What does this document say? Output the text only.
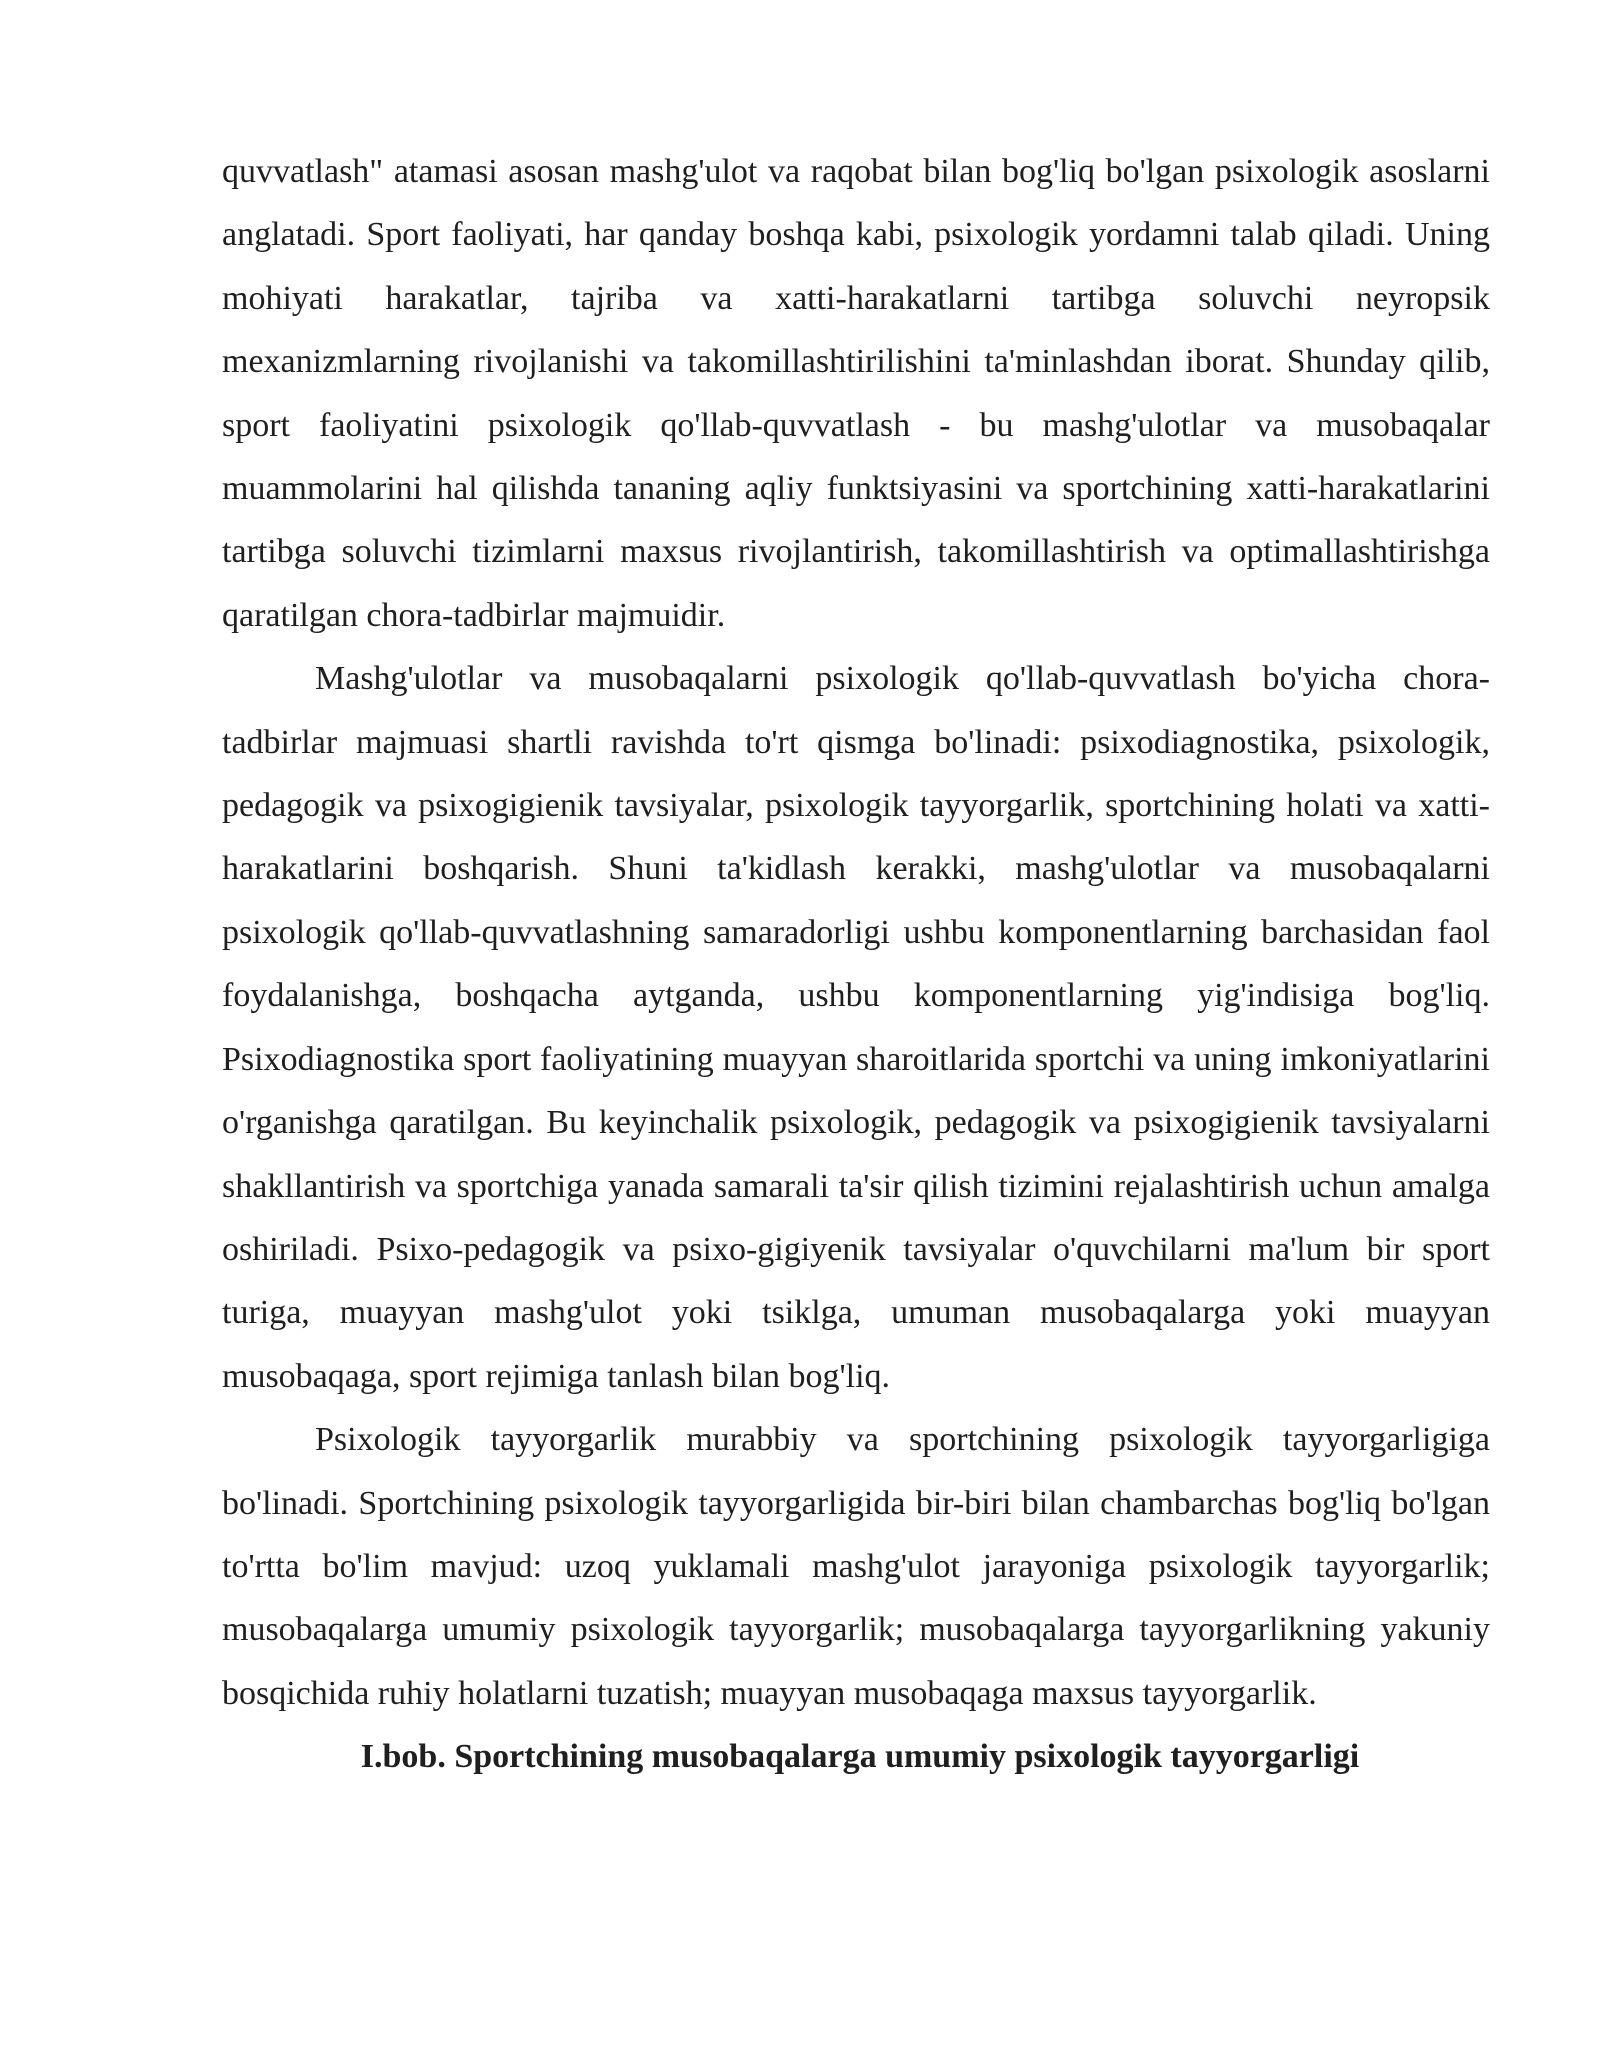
quvvatlash" atamasi asosan mashg'ulot va raqobat bilan bog'liq bo'lgan psixologik asoslarni anglatadi. Sport faoliyati, har qanday boshqa kabi, psixologik yordamni talab qiladi. Uning mohiyati harakatlar, tajriba va xatti-harakatlarni tartibga soluvchi neyropsik mexanizmlarning rivojlanishi va takomillashtirilishini ta'minlashdan iborat. Shunday qilib, sport faoliyatini psixologik qo'llab-quvvatlash - bu mashg'ulotlar va musobaqalar muammolarini hal qilishda tananing aqliy funktsiyasini va sportchining xatti-harakatlarini tartibga soluvchi tizimlarni maxsus rivojlantirish, takomillashtirish va optimallashtirishga qaratilgan chora-tadbirlar majmuidir.

Mashg'ulotlar va musobaqalarni psixologik qo'llab-quvvatlash bo'yicha chora-tadbirlar majmuasi shartli ravishda to'rt qismga bo'linadi: psixodiagnostika, psixologik, pedagogik va psixogigienik tavsiyalar, psixologik tayyorgarlik, sportchining holati va xatti-harakatlarini boshqarish. Shuni ta'kidlash kerakki, mashg'ulotlar va musobaqalarni psixologik qo'llab-quvvatlashning samaradorligi ushbu komponentlarning barchasidan faol foydalanishga, boshqacha aytganda, ushbu komponentlarning yig'indisiga bog'liq. Psixodiagnostika sport faoliyatining muayyan sharoitlarida sportchi va uning imkoniyatlarini o'rganishga qaratilgan. Bu keyinchalik psixologik, pedagogik va psixogigienik tavsiyalarni shakllantirish va sportchiga yanada samarali ta'sir qilish tizimini rejalashtirish uchun amalga oshiriladi. Psixo-pedagogik va psixo-gigiyenik tavsiyalar o'quvchilarni ma'lum bir sport turiga, muayyan mashg'ulot yoki tsiklga, umuman musobaqalarga yoki muayyan musobaqaga, sport rejimiga tanlash bilan bog'liq.

Psixologik tayyorgarlik murabbiy va sportchining psixologik tayyorgarligiga bo'linadi. Sportchining psixologik tayyorgarligida bir-biri bilan chambarchas bog'liq bo'lgan to'rtta bo'lim mavjud: uzoq yuklamali mashg'ulot jarayoniga psixologik tayyorgarlik; musobaqalarga umumiy psixologik tayyorgarlik; musobaqalarga tayyorgarlikning yakuniy bosqichida ruhiy holatlarni tuzatish; muayyan musobaqaga maxsus tayyorgarlik.

I.bob. Sportchining musobaqalarga umumiy psixologik tayyorgarligi
